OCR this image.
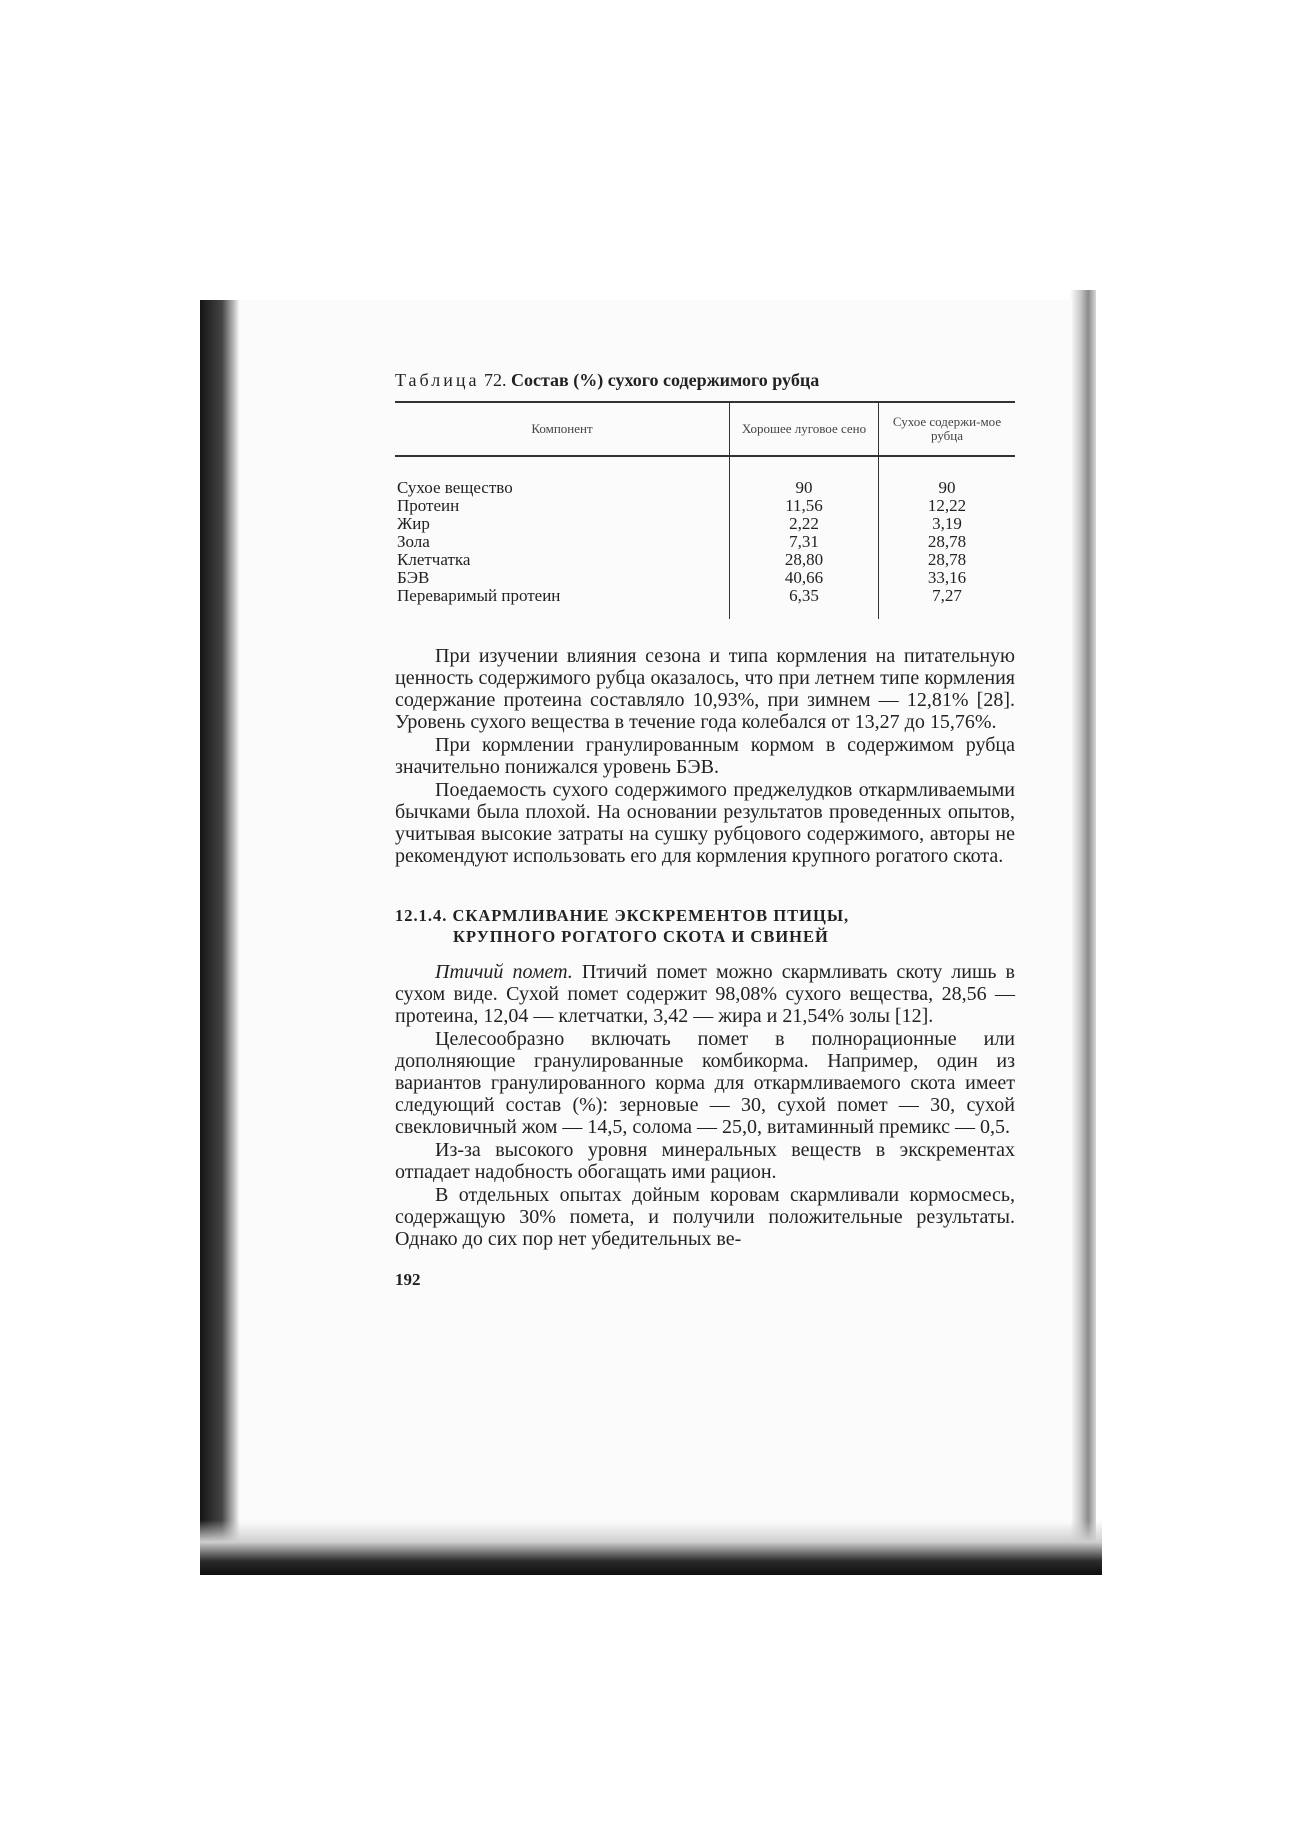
Таблица 72. Состав (%) сухого содержимого рубца

Компонент	Хорошее луговое сено	Сухое содержи-мое рубца

Сухое вещество	90	90
Протеин	11,56	12,22
Жир	2,22	3,19
Зола	7,31	28,78
Клетчатка	28,80	28,78
БЭВ	40,66	33,16
Переваримый протеин	6,35	7,27

При изучении влияния сезона и типа кормления на питательную ценность содержимого рубца оказалось, что при летнем типе кормления содержание протеина составляло 10,93%, при зимнем — 12,81% [28]. Уровень сухого вещества в течение года колебался от 13,27 до 15,76%.

При кормлении гранулированным кормом в содержимом рубца значительно понижался уровень БЭВ.

Поедаемость сухого содержимого преджелудков откармливаемыми бычками была плохой. На основании результатов проведенных опытов, учитывая высокие затраты на сушку рубцового содержимого, авторы не рекомендуют использовать его для кормления крупного рогатого скота.

12.1.4. СКАРМЛИВАНИЕ ЭКСКРЕМЕНТОВ ПТИЦЫ,
КРУПНОГО РОГАТОГО СКОТА И СВИНЕЙ

Птичий помет. Птичий помет можно скармливать скоту лишь в сухом виде. Сухой помет содержит 98,08% сухого вещества, 28,56 — протеина, 12,04 — клетчатки, 3,42 — жира и 21,54% золы [12].

Целесообразно включать помет в полнорационные или дополняющие гранулированные комбикорма. Например, один из вариантов гранулированного корма для откармливаемого скота имеет следующий состав (%): зерновые — 30, сухой помет — 30, сухой свекловичный жом — 14,5, солома — 25,0, витаминный премикс — 0,5.

Из-за высокого уровня минеральных веществ в экскрементах отпадает надобность обогащать ими рацион.

В отдельных опытах дойным коровам скармливали кормосмесь, содержащую 30% помета, и получили положительные результаты. Однако до сих пор нет убедительных ве-

192
